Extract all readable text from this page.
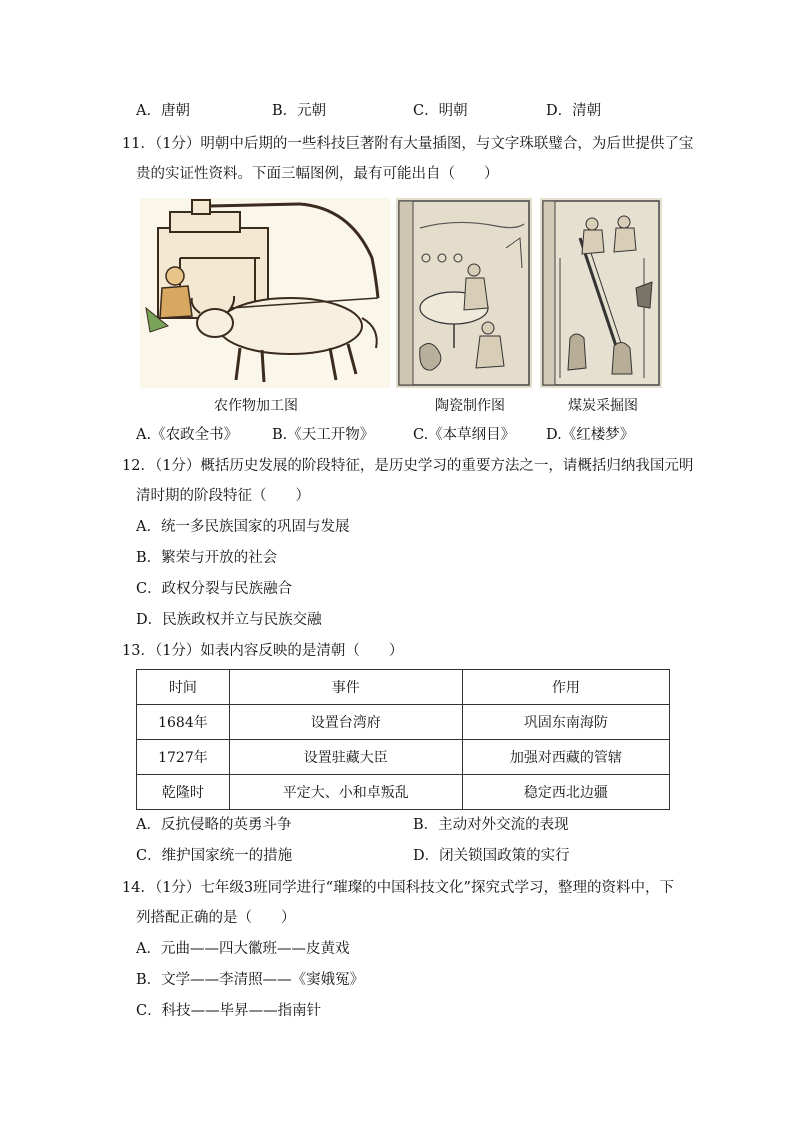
A．唐朝	B．元朝	C．明朝	D．清朝
11．（1分）明朝中后期的一些科技巨著附有大量插图，与文字珠联璧合，为后世提供了宝
贵的实证性资料。下面三幅图例，最有可能出自（　　）
农作物加工图	陶瓷制作图	煤炭采掘图
A.《农政全书》 B.《天工开物》	C.《本草纲目》 D.《红楼梦》
12．（1分）概括历史发展的阶段特征，是历史学习的重要方法之一，请概括归纳我国元明
清时期的阶段特征（　　）
A．统一多民族国家的巩固与发展
B．繁荣与开放的社会
C．政权分裂与民族融合
D．民族政权并立与民族交融
13．（1分）如表内容反映的是清朝（　　）
时间	事件	作用
1684年	设置台湾府	巩固东南海防
1727年	设置驻藏大臣	加强对西藏的管辖
乾隆时	平定大、小和卓叛乱	稳定西北边疆
A．反抗侵略的英勇斗争	B．主动对外交流的表现
C．维护国家统一的措施	D．闭关锁国政策的实行
14．（1分）七年级3班同学进行“璀璨的中国科技文化”探究式学习，整理的资料中，下
列搭配正确的是（　　）
A．元曲——四大徽班——皮黄戏
B．文学——李清照——《窦娥冤》
C．科技——毕昇——指南针
